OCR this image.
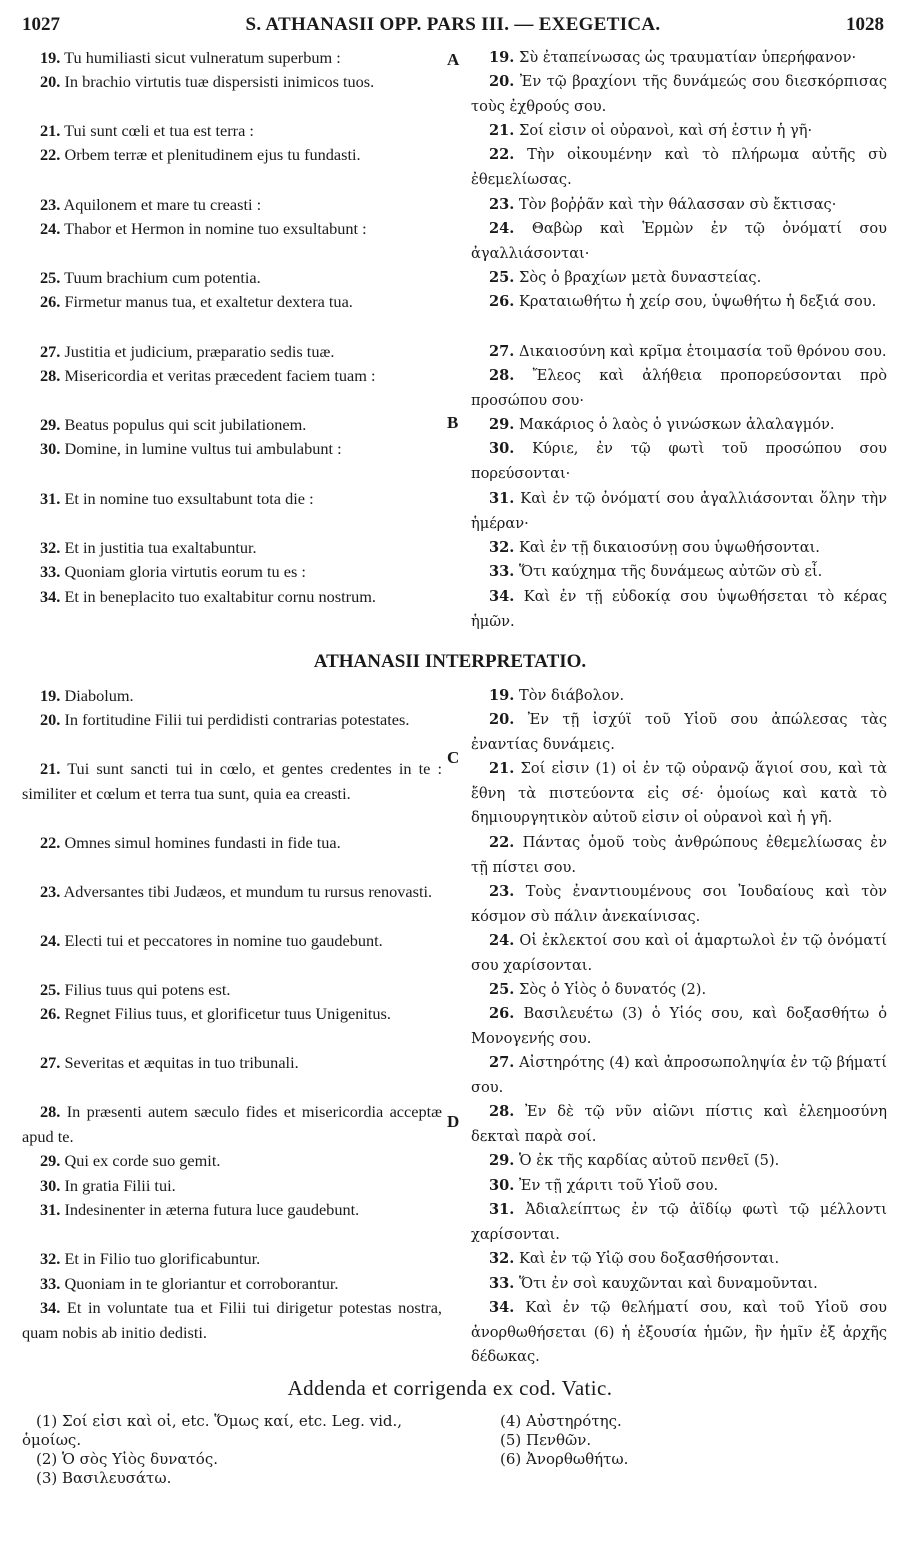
1027	S. ATHANASII OPP. PARS III. — EXEGETICA.	1028

19. Tu humiliasti sicut vulneratum superbum :

20. In brachio virtutis tuæ dispersisti inimicos tuos.

21. Tui sunt cœli et tua est terra :

22. Orbem terræ et plenitudinem ejus tu fundasti.

23. Aquilonem et mare tu creasti :

24. Thabor et Hermon in nomine tuo exsultabunt :

25. Tuum brachium cum potentia.

26. Firmetur manus tua, et exaltetur dextera tua.

27. Justitia et judicium, præparatio sedis tuæ.

28. Misericordia et veritas præcedent faciem tuam :

29. Beatus populus qui scit jubilationem.

30. Domine, in lumine vultus tui ambulabunt :

31. Et in nomine tuo exsultabunt tota die :

32. Et in justitia tua exaltabuntur.

33. Quoniam gloria virtutis eorum tu es :

34. Et in beneplacito tuo exaltabitur cornu nostrum.

19. Σὺ ἐταπείνωσας ὡς τραυματίαν ὑπερήφανον·

20. Ἐν τῷ βραχίονι τῆς δυνάμεώς σου διεσκόρπισας τοὺς ἐχθρούς σου.

21. Σοί εἰσιν οἱ οὐρανοὶ, καὶ σή ἐστιν ἡ γῆ·

22. Τὴν οἰκουμένην καὶ τὸ πλήρωμα αὐτῆς σὺ ἐθεμελίωσας.

23. Τὸν βοῤῥᾶν καὶ τὴν θάλασσαν σὺ ἔκτισας·

24. Θαβὼρ καὶ Ἑρμὼν ἐν τῷ ὀνόματί σου ἀγαλλιάσονται·

25. Σὸς ὁ βραχίων μετὰ δυναστείας.

26. Κραταιωθήτω ἡ χείρ σου, ὑψωθήτω ἡ δεξιά σου.

27. Δικαιοσύνη καὶ κρῖμα ἑτοιμασία τοῦ θρόνου σου.

28. Ἔλεος καὶ ἀλήθεια προπορεύσονται πρὸ προσώπου σου·

29. Μακάριος ὁ λαὸς ὁ γινώσκων ἀλαλαγμόν.

30. Κύριε, ἐν τῷ φωτὶ τοῦ προσώπου σου πορεύσονται·

31. Καὶ ἐν τῷ ὀνόματί σου ἀγαλλιάσονται ὅλην τὴν ἡμέραν·

32. Καὶ ἐν τῇ δικαιοσύνῃ σου ὑψωθήσονται.

33. Ὅτι καύχημα τῆς δυνάμεως αὐτῶν σὺ εἶ.

34. Καὶ ἐν τῇ εὐδοκίᾳ σου ὑψωθήσεται τὸ κέρας ἡμῶν.

A
B
ATHANASII INTERPRETATIO.

19. Diabolum.

20. In fortitudine Filii tui perdidisti contrarias potestates.

21. Tui sunt sancti tui in cœlo, et gentes credentes in te : similiter et cœlum et terra tua sunt, quia ea creasti.

22. Omnes simul homines fundasti in fide tua.

23. Adversantes tibi Judæos, et mundum tu rursus renovasti.

24. Electi tui et peccatores in nomine tuo gaudebunt.

25. Filius tuus qui potens est.

26. Regnet Filius tuus, et glorificetur tuus Unigenitus.

27. Severitas et æquitas in tuo tribunali.

28. In præsenti autem sæculo fides et misericordia acceptæ apud te.

29. Qui ex corde suo gemit.

30. In gratia Filii tui.

31. Indesinenter in æterna futura luce gaudebunt.

32. Et in Filio tuo glorificabuntur.

33. Quoniam in te gloriantur et corroborantur.

34. Et in voluntate tua et Filii tui dirigetur potestas nostra, quam nobis ab initio dedisti.

19. Τὸν διάβολον.

20. Ἐν τῇ ἰσχύϊ τοῦ Υἱοῦ σου ἀπώλεσας τὰς ἐναντίας δυνάμεις.

21. Σοί εἰσιν (1) οἱ ἐν τῷ οὐρανῷ ἅγιοί σου, καὶ τὰ ἔθνη τὰ πιστεύοντα εἰς σέ· ὁμοίως καὶ κατὰ τὸ δημιουργητικὸν αὐτοῦ εἰσιν οἱ οὐρανοὶ καὶ ἡ γῆ.

22. Πάντας ὁμοῦ τοὺς ἀνθρώπους ἐθεμελίωσας ἐν τῇ πίστει σου.

23. Τοὺς ἐναντιουμένους σοι Ἰουδαίους καὶ τὸν κόσμον σὺ πάλιν ἀνεκαίνισας.

24. Οἱ ἐκλεκτοί σου καὶ οἱ ἁμαρτωλοὶ ἐν τῷ ὀνόματί σου χαρίσονται.

25. Σὸς ὁ Υἱὸς ὁ δυνατός (2).

26. Βασιλευέτω (3) ὁ Υἱός σου, καὶ δοξασθήτω ὁ Μονογενής σου.

27. Αἰστηρότης (4) καὶ ἀπροσωποληψία ἐν τῷ βήματί σου.

28. Ἐν δὲ τῷ νῦν αἰῶνι πίστις καὶ ἐλεημοσύνη δεκταὶ παρὰ σοί.

29. Ὁ ἐκ τῆς καρδίας αὐτοῦ πενθεῖ (5).

30. Ἐν τῇ χάριτι τοῦ Υἱοῦ σου.

31. Ἀδιαλείπτως ἐν τῷ ἀϊδίῳ φωτὶ τῷ μέλλοντι χαρίσονται.

32. Καὶ ἐν τῷ Υἱῷ σου δοξασθήσονται.

33. Ὅτι ἐν σοὶ καυχῶνται καὶ δυναμοῦνται.

34. Καὶ ἐν τῷ θελήματί σου, καὶ τοῦ Υἱοῦ σου ἀνορθωθήσεται (6) ἡ ἐξουσία ἡμῶν, ἣν ἡμῖν ἐξ ἀρχῆς δέδωκας.

C
D
Addenda et corrigenda ex cod. Vatic.
(1) Σοί εἰσι καὶ οἱ, etc. Ὅμως καί, etc. Leg. vid., ὁμοίως.
(2) Ὁ σὸς Υἱὸς δυνατός.
(3) Βασιλευσάτω.
(4) Αὐστηρότης.
(5) Πενθῶν.
(6) Ἀνορθωθήτω.
